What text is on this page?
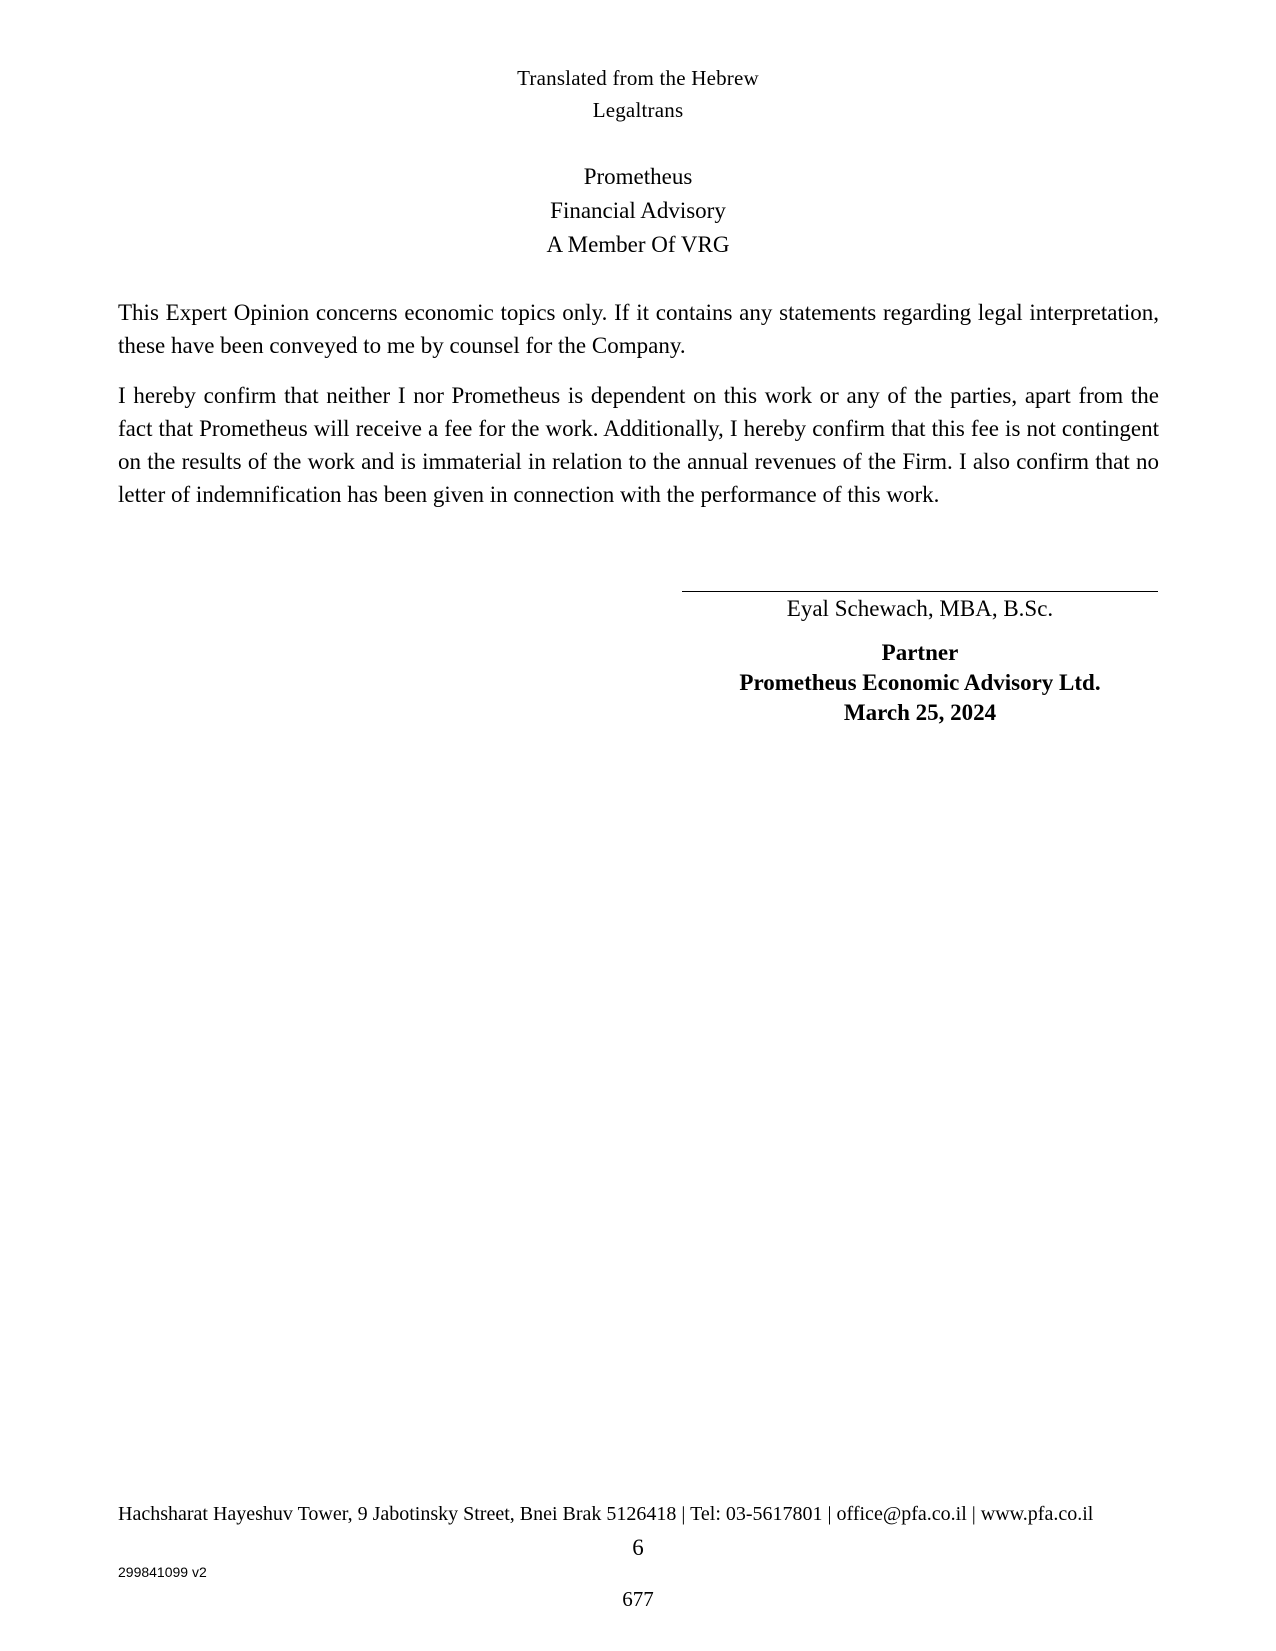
Translated from the Hebrew
Legaltrans
Prometheus
Financial Advisory
A Member Of VRG

This Expert Opinion concerns economic topics only. If it contains any statements regarding legal interpretation, these have been conveyed to me by counsel for the Company.

I hereby confirm that neither I nor Prometheus is dependent on this work or any of the parties, apart from the fact that Prometheus will receive a fee for the work. Additionally, I hereby confirm that this fee is not contingent on the results of the work and is immaterial in relation to the annual revenues of the Firm. I also confirm that no letter of indemnification has been given in connection with the performance of this work.

Eyal Schewach, MBA, B.Sc.
Partner
Prometheus Economic Advisory Ltd.
March 25, 2024
Hachsharat Hayeshuv Tower, 9 Jabotinsky Street, Bnei Brak 5126418 | Tel: 03-5617801 | office@pfa.co.il | www.pfa.co.il
6
299841099 v2
677
